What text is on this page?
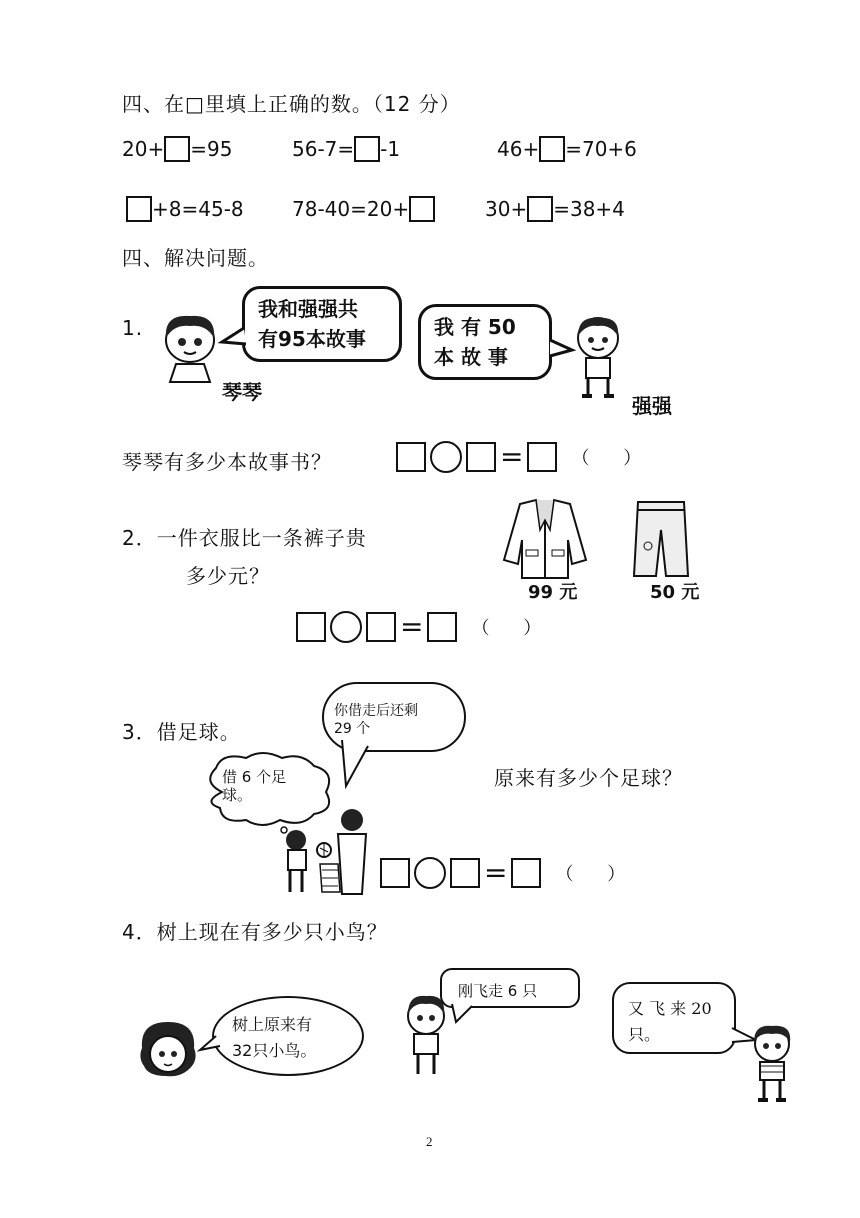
四、在□里填上正确的数。（12 分）
20+ =95	56-7= -1	46+ =70+6
+8=45-8 78-40=20+	30+ =38+4
四、解决问题。
1.
我和强强共
有95本故事
琴琴
我 有 50
本 故 事
强强
琴琴有多少本故事书？	=	（ ）
2．一件衣服比一条裤子贵
多少元？
99 元	50 元
=	（ ）
3．借足球。
你借走后还剩
29 个
借 6 个足
球。
原来有多少个足球？
=	（ ）
4．树上现在有多少只小鸟？
树上原来有
32只小鸟。
刚飞走 6 只
又 飞 来 20
只。
2
